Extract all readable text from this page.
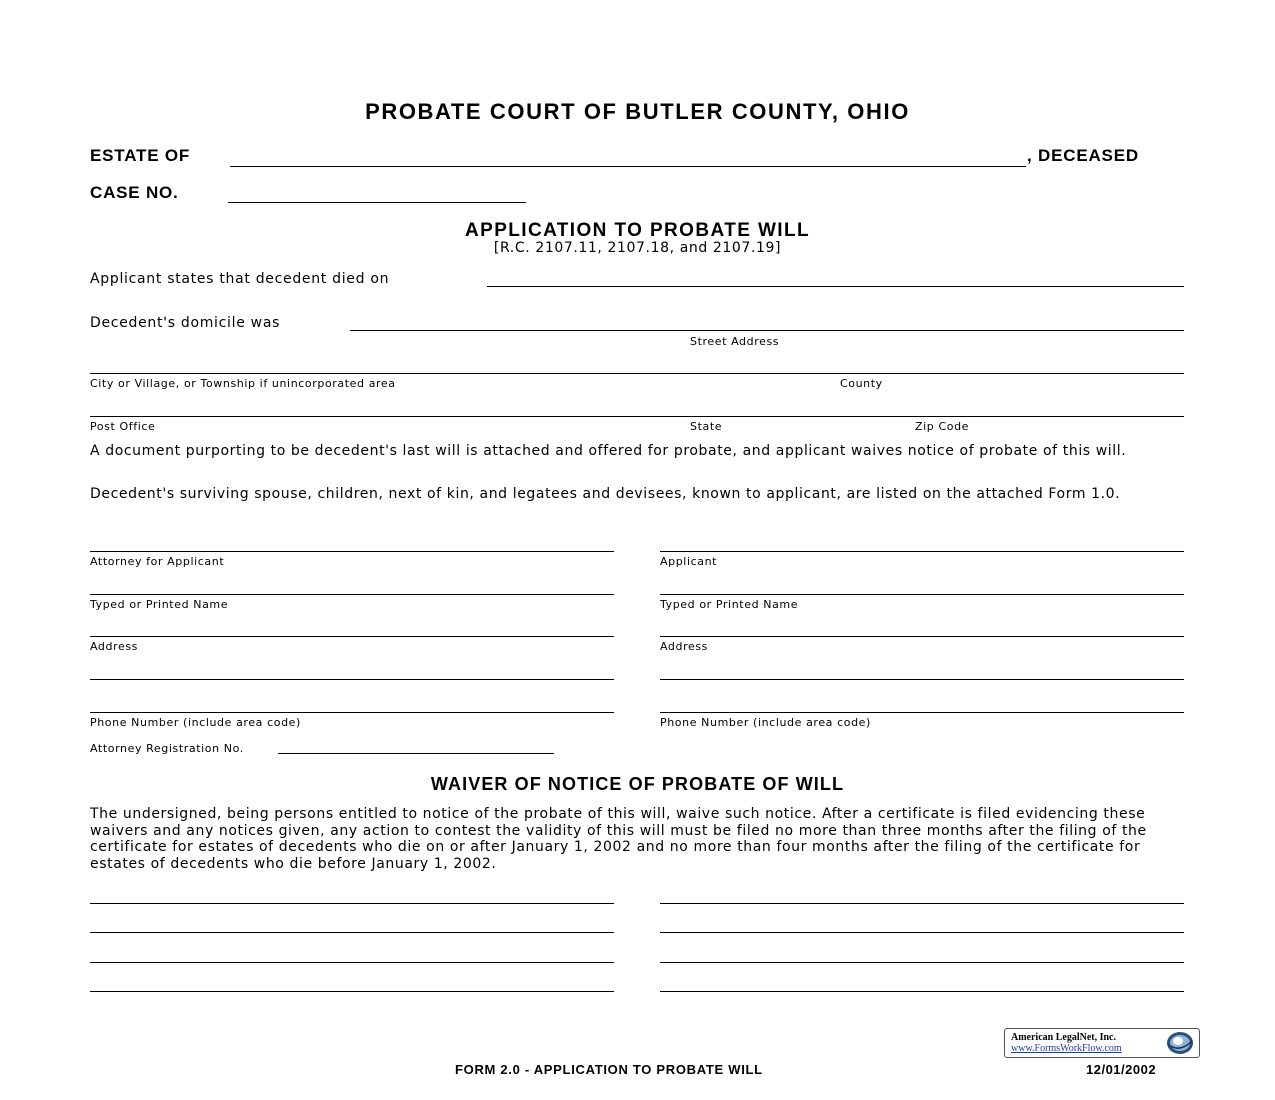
PROBATE COURT OF BUTLER COUNTY, OHIO
ESTATE OF	, DECEASED
CASE NO.
APPLICATION TO PROBATE WILL
[R.C. 2107.11, 2107.18, and 2107.19]
Applicant states that decedent died on
Decedent's domicile was
Street Address
City or Village, or Township if unincorporated area	County
Post Office	State	Zip Code
A document purporting to be decedent's last will is attached and offered for probate, and applicant waives notice of probate of this will.
Decedent's surviving spouse, children, next of kin, and legatees and devisees, known to applicant, are listed on the attached Form 1.0.
Attorney for Applicant
Typed or Printed Name
Address
Phone Number (include area code)
Applicant
Typed or Printed Name
Address
Phone Number (include area code)
Attorney Registration No.
WAIVER OF NOTICE OF PROBATE OF WILL
The undersigned, being persons entitled to notice of the probate of this will, waive such notice. After a certificate is filed evidencing these waivers and any notices given, any action to contest the validity of this will must be filed no more than three months after the filing of the certificate for estates of decedents who die on or after January 1, 2002 and no more than four months after the filing of the certificate for estates of decedents who die before January 1, 2002.
American LegalNet, Inc.
www.FormsWorkFlow.com
FORM 2.0 - APPLICATION TO PROBATE WILL	12/01/2002
